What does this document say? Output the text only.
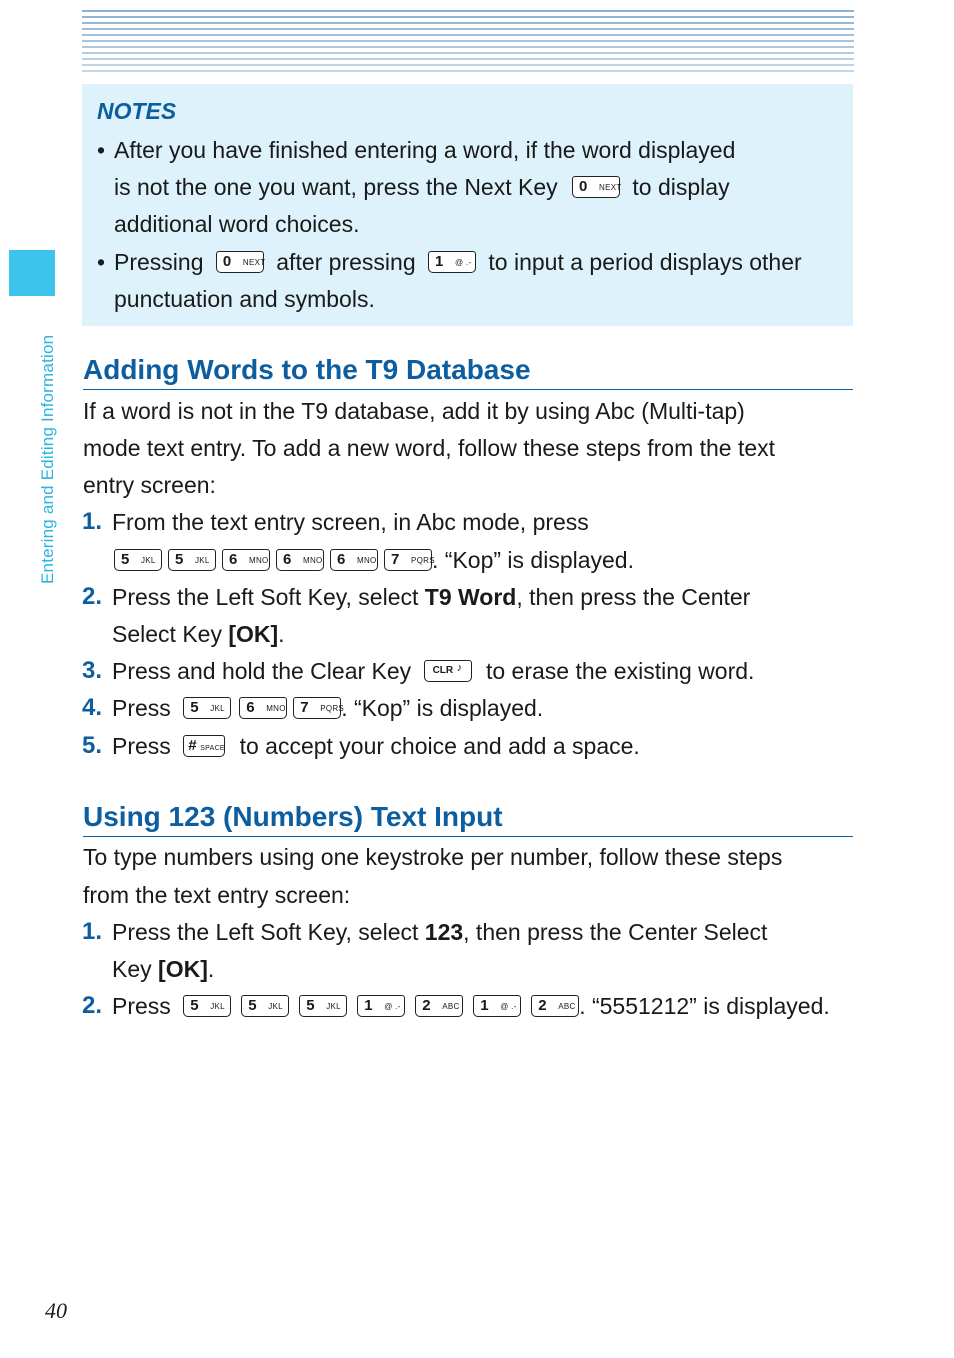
Entering and Editing Information
NOTES
• After you have finished entering a word, if the word displayed
is not the one you want, press the Next Key 0 NEXT to display
additional word choices.
• Pressing 0 NEXT after pressing 1 @ .- to input a period displays other
punctuation and symbols.
Adding Words to the T9 Database
If a word is not in the T9 database, add it by using Abc (Multi-tap)
mode text entry. To add a new word, follow these steps from the text
entry screen:
1. From the text entry screen, in Abc mode, press
5 JKL 5 JKL 6 MNO 6 MNO 6 MNO 7 PQRS
. “Kop” is displayed.
2. Press the Left Soft Key, select T9 Word, then press the Center
Select Key [OK].
3. Press and hold the Clear Key CLR ♪ to erase the existing word.
4. Press 5 JKL 6 MNO 7 PQRS
. “Kop” is displayed.
5. Press # SPACE to accept your choice and add a space.
Using 123 (Numbers) Text Input
To type numbers using one keystroke per number, follow these steps
from the text entry screen:
1. Press the Left Soft Key, select 123, then press the Center Select
Key [OK].
2. Press 5 JKL 5 JKL 5 JKL 1 @ .- 2 ABC 1 @ .- 2 ABC . “5551212” is displayed.
40
